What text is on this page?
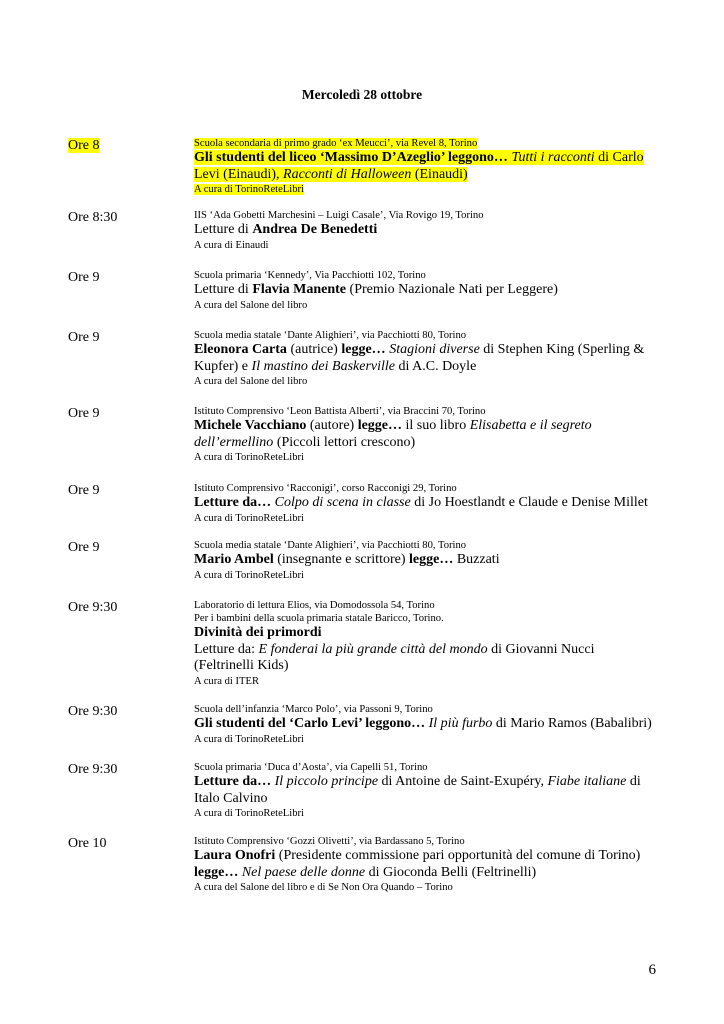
Mercoledì 28 ottobre
Ore 8	Scuola secondaria di primo grado ‘ex Meucci’, via Revel 8, Torino
Gli studenti del liceo ‘Massimo D’Azeglio’ leggono… Tutti i racconti di Carlo Levi (Einaudi), Racconti di Halloween (Einaudi)
A cura di TorinoReteLibri
Ore 8:30	IIS ‘Ada Gobetti Marchesini – Luigi Casale’, Via Rovigo 19, Torino
Letture di Andrea De Benedetti
A cura di Einaudi
Ore 9	Scuola primaria ‘Kennedy’, Via Pacchiotti 102, Torino
Letture di Flavia Manente (Premio Nazionale Nati per Leggere)
A cura del Salone del libro
Ore 9	Scuola media statale ‘Dante Alighieri’, via Pacchiotti 80, Torino
Eleonora Carta (autrice) legge… Stagioni diverse di Stephen King (Sperling & Kupfer) e Il mastino dei Baskerville di A.C. Doyle
A cura del Salone del libro
Ore 9	Istituto Comprensivo ‘Leon Battista Alberti’, via Braccini 70, Torino
Michele Vacchiano (autore) legge… il suo libro Elisabetta e il segreto dell’ermellino (Piccoli lettori crescono)
A cura di TorinoReteLibri
Ore 9	Istituto Comprensivo ‘Racconigi’, corso Racconigi 29, Torino
Letture da… Colpo di scena in classe di Jo Hoestlandt e Claude e Denise Millet
A cura di TorinoReteLibri
Ore 9	Scuola media statale ‘Dante Alighieri’, via Pacchiotti 80, Torino
Mario Ambel (insegnante e scrittore) legge… Buzzati
A cura di TorinoReteLibri
Ore 9:30	Laboratorio di lettura Elios, via Domodossola 54, Torino
Per i bambini della scuola primaria statale Baricco, Torino.
Divinità dei primordi
Letture da: E fonderai la più grande città del mondo di Giovanni Nucci (Feltrinelli Kids)
A cura di ITER
Ore 9:30	Scuola dell’infanzia ‘Marco Polo’, via Passoni 9, Torino
Gli studenti del ‘Carlo Levi’ leggono… Il più furbo di Mario Ramos (Babalibri)
A cura di TorinoReteLibri
Ore 9:30	Scuola primaria ‘Duca d’Aosta’, via Capelli 51, Torino
Letture da… Il piccolo principe di Antoine de Saint-Exupéry, Fiabe italiane di Italo Calvino
A cura di TorinoReteLibri
Ore 10	Istituto Comprensivo ‘Gozzi Olivetti’, via Bardassano 5, Torino
Laura Onofri (Presidente commissione pari opportunità del comune di Torino) legge… Nel paese delle donne di Gioconda Belli (Feltrinelli)
A cura del Salone del libro e di Se Non Ora Quando – Torino
6
